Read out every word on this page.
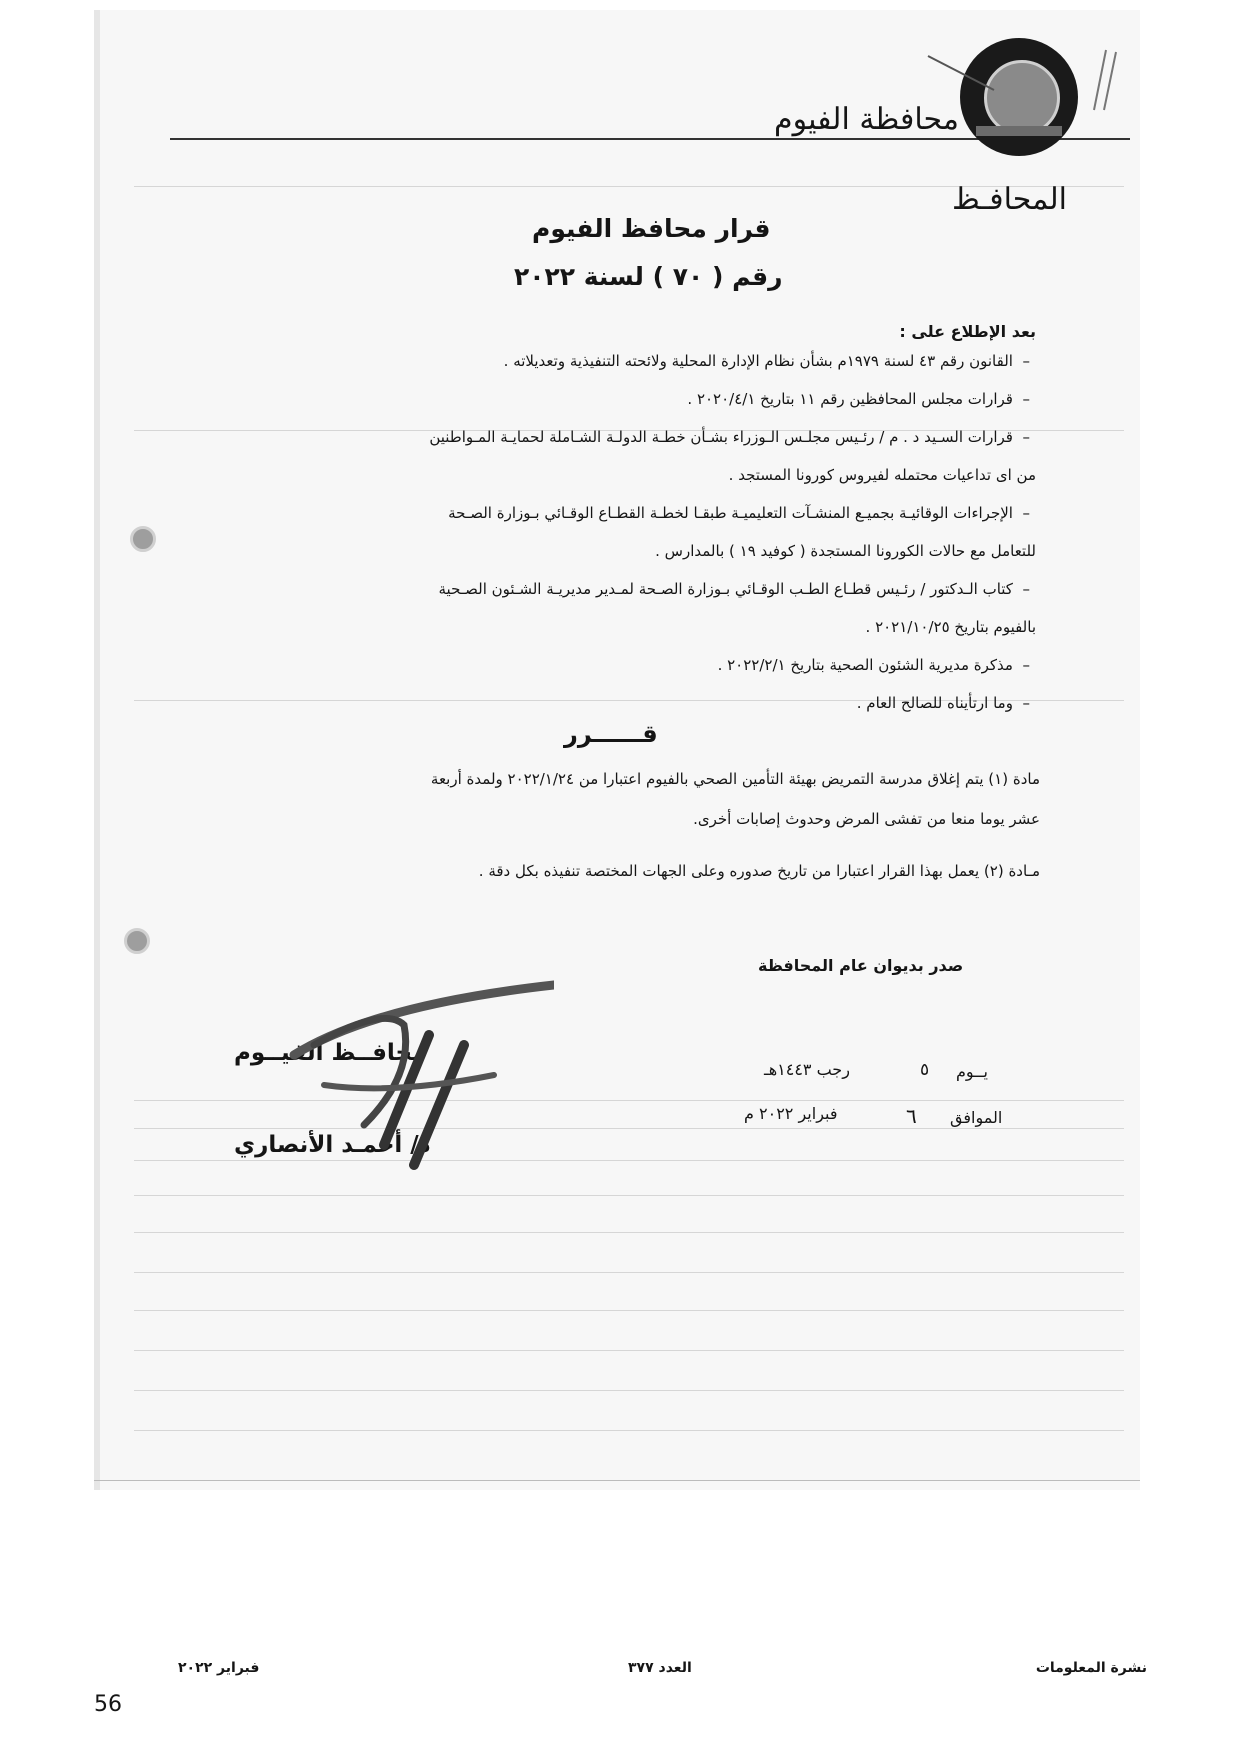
محافظة الفيوم
المحافـظ
قرار محافظ الفيوم
رقم ( ٧٠ ) لسنة ٢٠٢٢
بعد الإطلاع على :
–  القانون رقم ٤٣ لسنة ١٩٧٩م بشأن نظام الإدارة المحلية ولائحته التنفيذية وتعديلاته .
–  قرارات مجلس المحافظين رقم ١١ بتاريخ ٢٠٢٠/٤/١ .
–  قرارات السـيد د . م / رئـيس مجلـس الـوزراء بشـأن خطـة الدولـة الشـاملة لحمايـة المـواطنين
من اى تداعيات محتمله لفيروس كورونا المستجد .
–  الإجراءات الوقائيـة بجميـع المنشـآت التعليميـة طبقـا لخطـة القطـاع الوقـائي بـوزارة الصـحة
للتعامل مع حالات الكورونا المستجدة ( كوفيد ١٩ ) بالمدارس .
–  كتاب الـدكتور / رئـيس قطـاع الطـب الوقـائي بـوزارة الصـحة لمـدير مديريـة الشـئون الصـحية
بالفيوم بتاريخ ٢٠٢١/١٠/٢٥ .
–  مذكرة مديرية الشئون الصحية بتاريخ ٢٠٢٢/٢/١ .
–  وما ارتأيناه للصالح العام .
قــــــرر
مادة (١) يتم إغلاق مدرسة التمريض بهيئة التأمين الصحي بالفيوم اعتبارا من ٢٠٢٢/١/٢٤ ولمدة أربعة
عشر يوما منعا من تفشى المرض وحدوث إصابات أخرى.
مـادة (٢) يعمل بهذا القرار اعتبارا من تاريخ صدوره وعلى الجهات المختصة تنفيذه بكل دقة .
صدر بديوان عام المحافظة
يــوم
٥
رجب ١٤٤٣هـ
الموافق
٦
فبراير ٢٠٢٢ م
محافــظ الفيــوم
د/ أحمـد الأنصاري
نشرة المعلومات
العدد ٣٧٧
فبراير ٢٠٢٢
56
